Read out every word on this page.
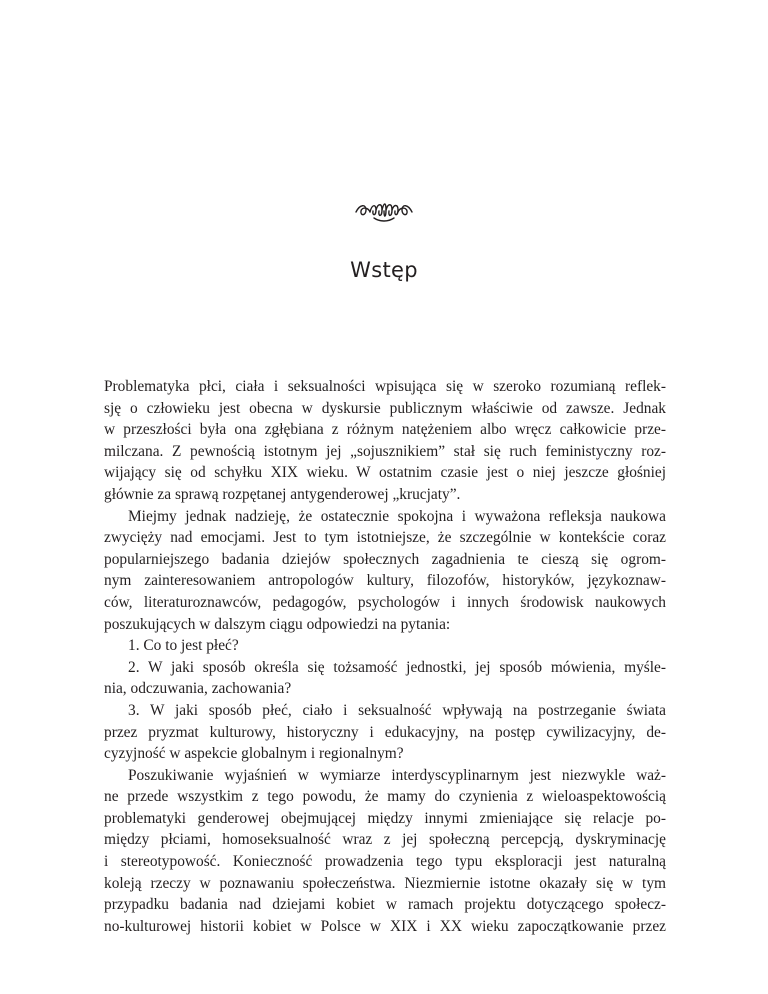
Wstęp
Problematyka płci, ciała i seksualności wpisująca się w szeroko rozumianą reflek-
sję o człowieku jest obecna w dyskursie publicznym właściwie od zawsze. Jednak
w przeszłości była ona zgłębiana z różnym natężeniem albo wręcz całkowicie prze-
milczana. Z pewnością istotnym jej „sojusznikiem” stał się ruch feministyczny roz-
wijający się od schyłku XIX wieku. W ostatnim czasie jest o niej jeszcze głośniej
głównie za sprawą rozpętanej antygenderowej „krucjaty”.
Miejmy jednak nadzieję, że ostatecznie spokojna i wyważona refleksja naukowa
zwycięży nad emocjami. Jest to tym istotniejsze, że szczególnie w kontekście coraz
popularniejszego badania dziejów społecznych zagadnienia te cieszą się ogrom-
nym zainteresowaniem antropologów kultury, filozofów, historyków, językoznaw-
ców, literaturoznawców, pedagogów, psychologów i innych środowisk naukowych
poszukujących w dalszym ciągu odpowiedzi na pytania:
1. Co to jest płeć?
2. W jaki sposób określa się tożsamość jednostki, jej sposób mówienia, myśle-
nia, odczuwania, zachowania?
3. W jaki sposób płeć, ciało i seksualność wpływają na postrzeganie świata
przez pryzmat kulturowy, historyczny i edukacyjny, na postęp cywilizacyjny, de-
cyzyjność w aspekcie globalnym i regionalnym?
Poszukiwanie wyjaśnień w wymiarze interdyscyplinarnym jest niezwykle waż-
ne przede wszystkim z tego powodu, że mamy do czynienia z wieloaspektowością
problematyki genderowej obejmującej między innymi zmieniające się relacje po-
między płciami, homoseksualność wraz z jej społeczną percepcją, dyskryminację
i stereotypowość. Konieczność prowadzenia tego typu eksploracji jest naturalną
koleją rzeczy w poznawaniu społeczeństwa. Niezmiernie istotne okazały się w tym
przypadku badania nad dziejami kobiet w ramach projektu dotyczącego społecz-
no-kulturowej historii kobiet w Polsce w XIX i XX wieku zapoczątkowanie przez
